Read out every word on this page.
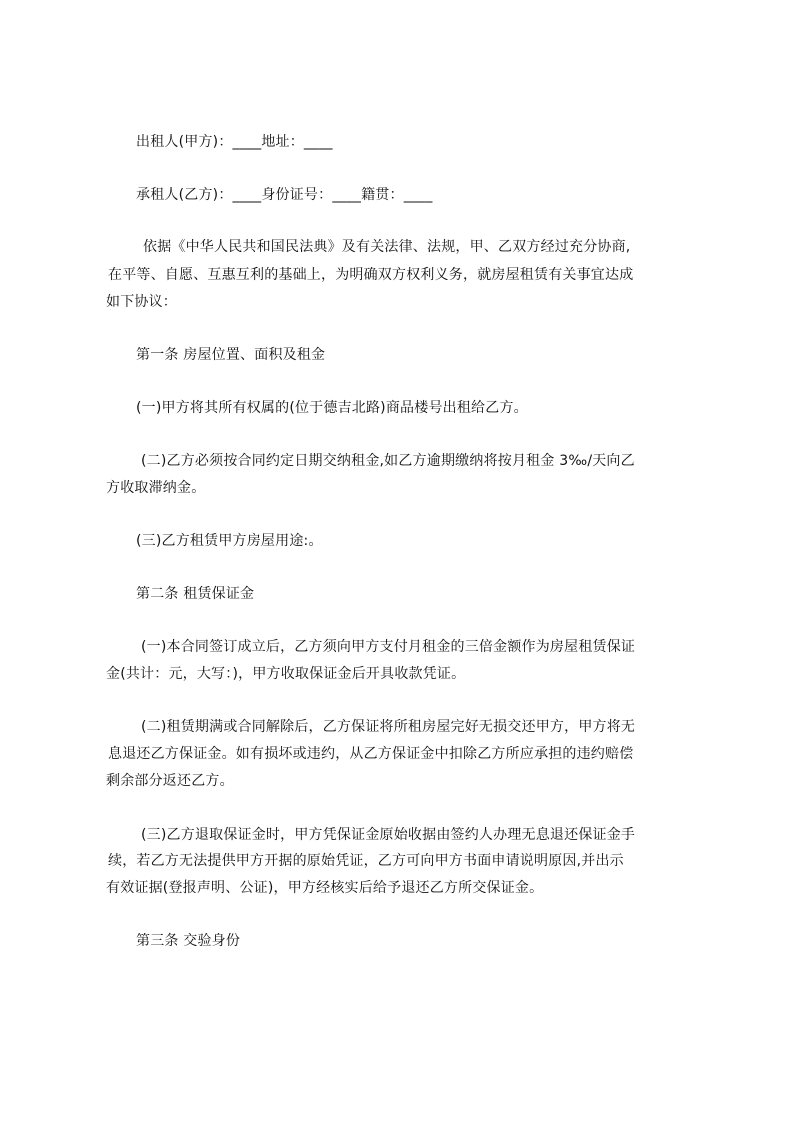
出租人(甲方)：____地址：____
承租人(乙方)：____身份证号：____籍贯：____
依据《中华人民共和国民法典》及有关法律、法规，甲、乙双方经过充分协商,
在平等、自愿、互惠互利的基础上，为明确双方权利义务，就房屋租赁有关事宜达成
如下协议：
第一条 房屋位置、面积及租金
(一)甲方将其所有权属的(位于德吉北路)商品楼号出租给乙方。
(二)乙方必须按合同约定日期交纳租金,如乙方逾期缴纳将按月租金 3‰/天向乙
方收取滞纳金。
(三)乙方租赁甲方房屋用途:。
第二条 租赁保证金
(一)本合同签订成立后，乙方须向甲方支付月租金的三倍金额作为房屋租赁保证
金(共计：元，大写：)，甲方收取保证金后开具收款凭证。
(二)租赁期满或合同解除后，乙方保证将所租房屋完好无损交还甲方，甲方将无
息退还乙方保证金。如有损坏或违约，从乙方保证金中扣除乙方所应承担的违约赔偿
剩余部分返还乙方。
(三)乙方退取保证金时，甲方凭保证金原始收据由签约人办理无息退还保证金手
续，若乙方无法提供甲方开据的原始凭证，乙方可向甲方书面申请说明原因,并出示
有效证据(登报声明、公证)，甲方经核实后给予退还乙方所交保证金。
第三条 交验身份
